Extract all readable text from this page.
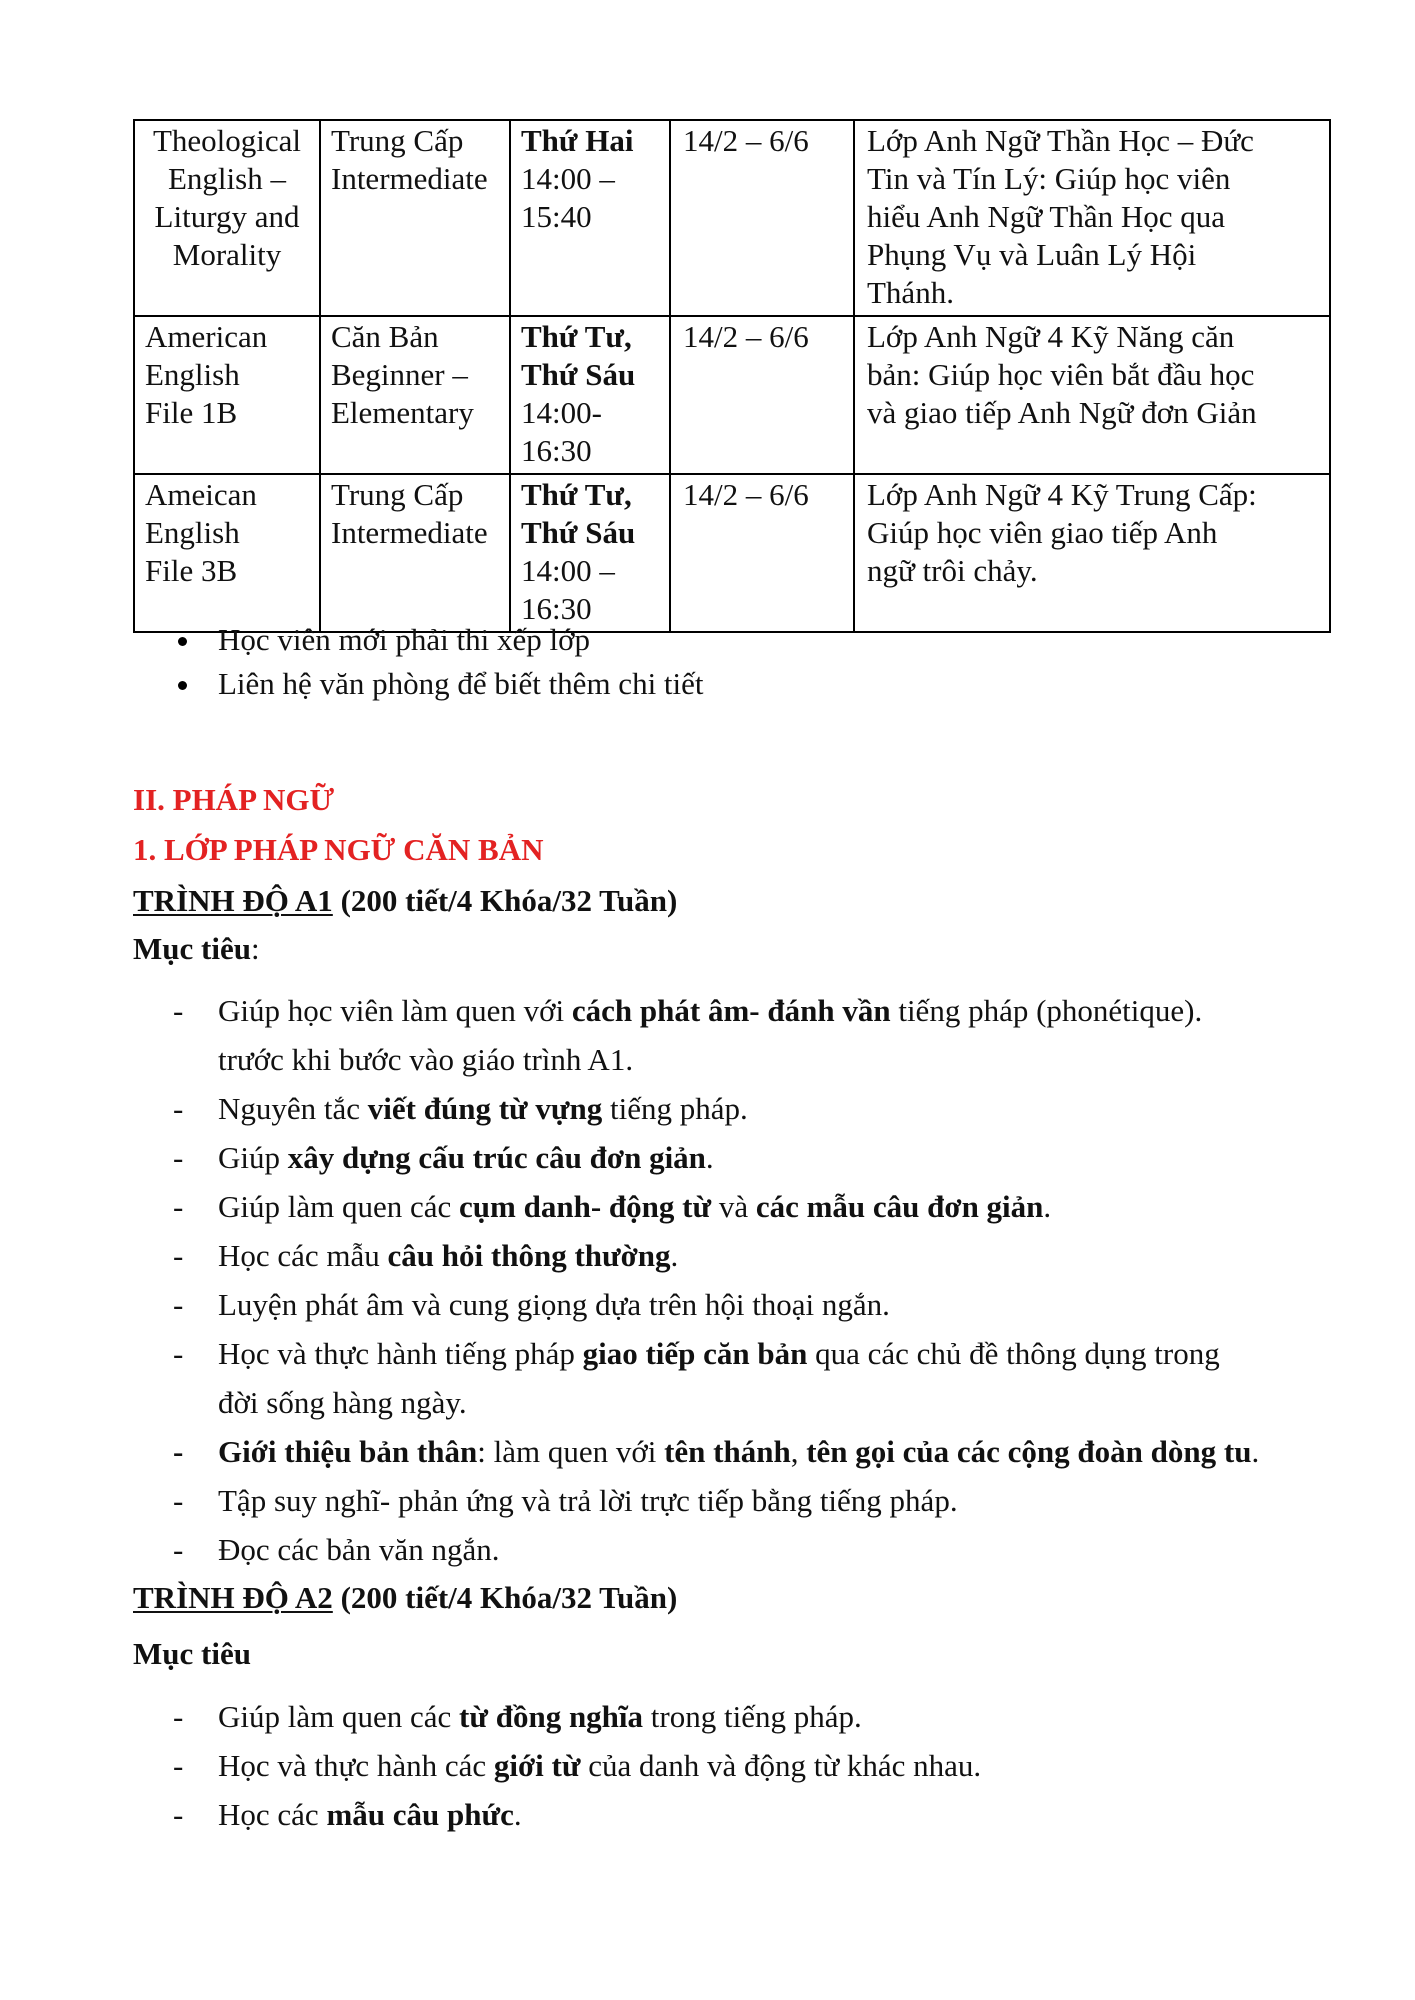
Theological
English –
Liturgy and
Morality	Trung Cấp
Intermediate	Thứ Hai
14:00 –
15:40	14/2 – 6/6	Lớp Anh Ngữ Thần Học – Đức
Tin và Tín Lý: Giúp học viên
hiểu Anh Ngữ Thần Học qua
Phụng Vụ và Luân Lý Hội
Thánh.

American
English
File 1B	Căn Bản
Beginner –
Elementary	Thứ Tư,
Thứ Sáu
14:00-
16:30	14/2 – 6/6	Lớp Anh Ngữ 4 Kỹ Năng căn
bản: Giúp học viên bắt đầu học
và giao tiếp Anh Ngữ đơn Giản

Ameican
English
File 3B	Trung Cấp
Intermediate	Thứ Tư,
Thứ Sáu
14:00 –
16:30	14/2 – 6/6	Lớp Anh Ngữ 4 Kỹ Trung Cấp:
Giúp học viên giao tiếp Anh
ngữ trôi chảy.
Học viên mới phải thi xếp lớp
Liên hệ văn phòng để biết thêm chi tiết
II. PHÁP NGỮ
1. LỚP PHÁP NGỮ CĂN BẢN
TRÌNH ĐỘ A1 (200 tiết/4 Khóa/32 Tuần)
Mục tiêu:
- Giúp học viên làm quen với cách phát âm- đánh vần tiếng pháp (phonétique).
trước khi bước vào giáo trình A1.
- Nguyên tắc viết đúng từ vựng tiếng pháp.
- Giúp xây dựng cấu trúc câu đơn giản.
- Giúp làm quen các cụm danh- động từ và các mẫu câu đơn giản.
- Học các mẫu câu hỏi thông thường.
- Luyện phát âm và cung giọng dựa trên hội thoại ngắn.
- Học và thực hành tiếng pháp giao tiếp căn bản qua các chủ đề thông dụng trong
đời sống hàng ngày.
- Giới thiệu bản thân: làm quen với tên thánh, tên gọi của các cộng đoàn dòng tu.
- Tập suy nghĩ- phản ứng và trả lời trực tiếp bằng tiếng pháp.
- Đọc các bản văn ngắn.
TRÌNH ĐỘ A2 (200 tiết/4 Khóa/32 Tuần)
Mục tiêu
- Giúp làm quen các từ đồng nghĩa trong tiếng pháp.
- Học và thực hành các giới từ của danh và động từ khác nhau.
- Học các mẫu câu phức.
